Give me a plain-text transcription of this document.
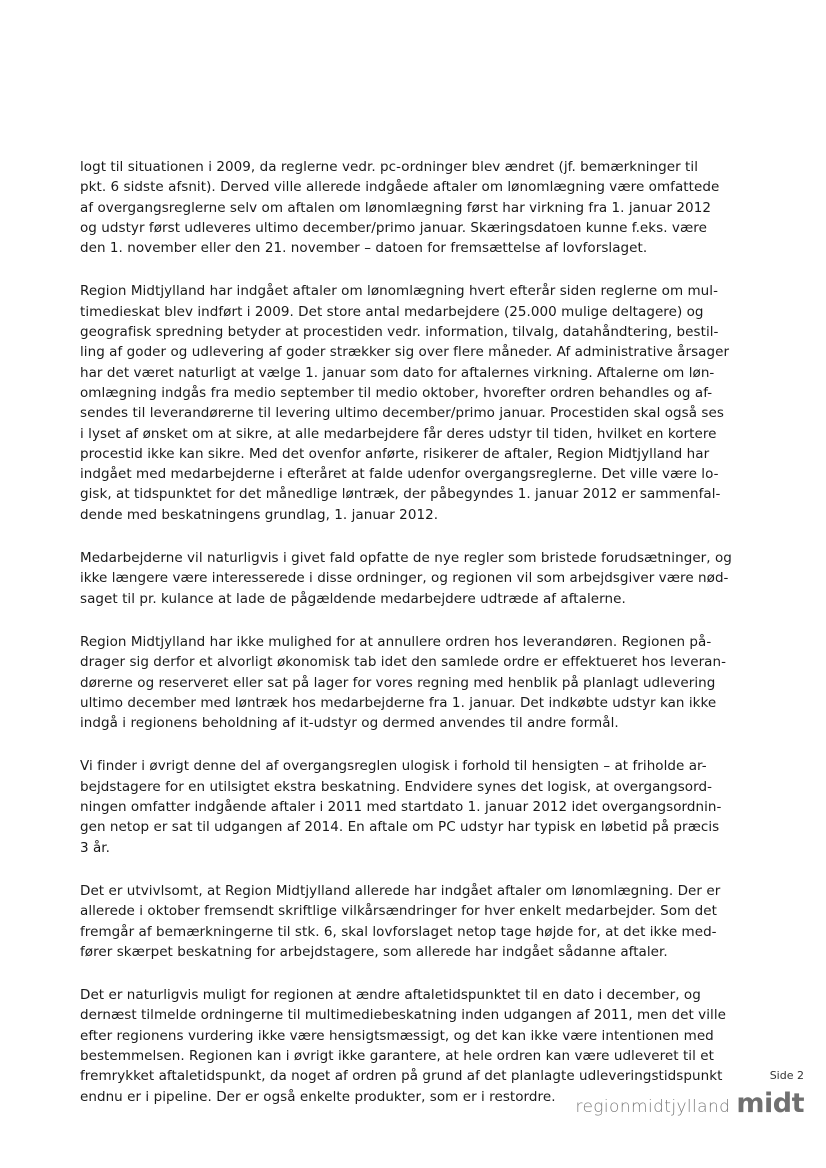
logt til situationen i 2009, da reglerne vedr. pc-ordninger blev ændret (jf. bemærkninger til
pkt. 6 sidste afsnit). Derved ville allerede indgåede aftaler om lønomlægning være omfattede
af overgangsreglerne selv om aftalen om lønomlægning først har virkning fra 1. januar 2012
og udstyr først udleveres ultimo december/primo januar. Skæringsdatoen kunne f.eks. være
den 1. november eller den 21. november – datoen for fremsættelse af lovforslaget.

Region Midtjylland har indgået aftaler om lønomlægning hvert efterår siden reglerne om mul-
timedieskat blev indført i 2009. Det store antal medarbejdere (25.000 mulige deltagere) og
geografisk spredning betyder at procestiden vedr. information, tilvalg, datahåndtering, bestil-
ling af goder og udlevering af goder strækker sig over flere måneder. Af administrative årsager
har det været naturligt at vælge 1. januar som dato for aftalernes virkning. Aftalerne om løn-
omlægning indgås fra medio september til medio oktober, hvorefter ordren behandles og af-
sendes til leverandørerne til levering ultimo december/primo januar. Procestiden skal også ses
i lyset af ønsket om at sikre, at alle medarbejdere får deres udstyr til tiden, hvilket en kortere
procestid ikke kan sikre. Med det ovenfor anførte, risikerer de aftaler, Region Midtjylland har
indgået med medarbejderne i efteråret at falde udenfor overgangsreglerne. Det ville være lo-
gisk, at tidspunktet for det månedlige løntræk, der påbegyndes 1. januar 2012 er sammenfal-
dende med beskatningens grundlag, 1. januar 2012.

Medarbejderne vil naturligvis i givet fald opfatte de nye regler som bristede forudsætninger, og
ikke længere være interesserede i disse ordninger, og regionen vil som arbejdsgiver være nød-
saget til pr. kulance at lade de pågældende medarbejdere udtræde af aftalerne.

Region Midtjylland har ikke mulighed for at annullere ordren hos leverandøren. Regionen på-
drager sig derfor et alvorligt økonomisk tab idet den samlede ordre er effektueret hos leveran-
dørerne og reserveret eller sat på lager for vores regning med henblik på planlagt udlevering
ultimo december med løntræk hos medarbejderne fra 1. januar. Det indkøbte udstyr kan ikke
indgå i regionens beholdning af it-udstyr og dermed anvendes til andre formål.

Vi finder i øvrigt denne del af overgangsreglen ulogisk i forhold til hensigten – at friholde ar-
bejdstagere for en utilsigtet ekstra beskatning. Endvidere synes det logisk, at overgangsord-
ningen omfatter indgående aftaler i 2011 med startdato 1. januar 2012 idet overgangsordnin-
gen netop er sat til udgangen af 2014. En aftale om PC udstyr har typisk en løbetid på præcis
3 år.

Det er utvivlsomt, at Region Midtjylland allerede har indgået aftaler om lønomlægning. Der er
allerede i oktober fremsendt skriftlige vilkårsændringer for hver enkelt medarbejder. Som det
fremgår af bemærkningerne til stk. 6, skal lovforslaget netop tage højde for, at det ikke med-
fører skærpet beskatning for arbejdstagere, som allerede har indgået sådanne aftaler.

Det er naturligvis muligt for regionen at ændre aftaletidspunktet til en dato i december, og
dernæst tilmelde ordningerne til multimediebeskatning inden udgangen af 2011, men det ville
efter regionens vurdering ikke være hensigtsmæssigt, og det kan ikke være intentionen med
bestemmelsen. Regionen kan i øvrigt ikke garantere, at hele ordren kan være udleveret til et
fremrykket aftaletidspunkt, da noget af ordren på grund af det planlagte udleveringstidspunkt
endnu er i pipeline. Der er også enkelte produkter, som er i restordre.

Side 2
regionmidtjylland midt
